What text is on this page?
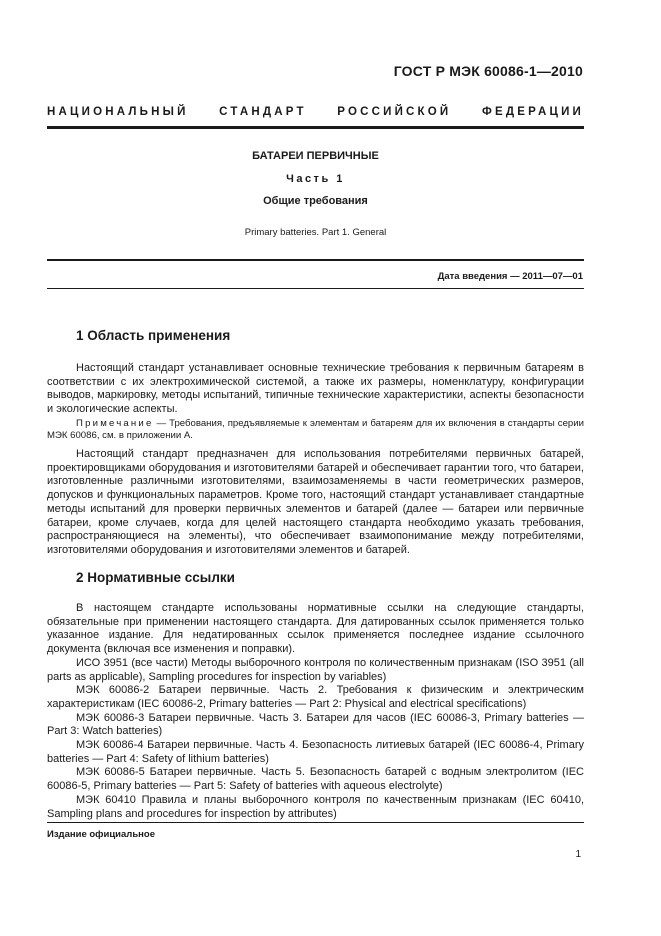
ГОСТ Р МЭК 60086-1—2010
НАЦИОНАЛЬНЫЙ	СТАНДАРТ	РОССИЙСКОЙ	ФЕДЕРАЦИИ
БАТАРЕИ ПЕРВИЧНЫЕ
Часть 1
Общие требования
Primary batteries. Part 1. General
Дата введения — 2011—07—01
1 Область применения

Настоящий стандарт устанавливает основные технические требования к первичным батареям в соответствии с их электрохимической системой, а также их размеры, номенклатуру, конфигурации выводов, маркировку, методы испытаний, типичные технические характеристики, аспекты безопасности и экологические аспекты.

Примечание — Требования, предъявляемые к элементам и батареям для их включения в стандарты серии МЭК 60086, см. в приложении А.

Настоящий стандарт предназначен для использования потребителями первичных батарей, проектировщиками оборудования и изготовителями батарей и обеспечивает гарантии того, что батареи, изготовленные различными изготовителями, взаимозаменяемы в части геометрических размеров, допусков и функциональных параметров. Кроме того, настоящий стандарт устанавливает стандартные методы испытаний для проверки первичных элементов и батарей (далее — батареи или первичные батареи, кроме случаев, когда для целей настоящего стандарта необходимо указать требования, распространяющиеся на элементы), что обеспечивает взаимопонимание между потребителями, изготовителями оборудования и изготовителями элементов и батарей.

2 Нормативные ссылки

В настоящем стандарте использованы нормативные ссылки на следующие стандарты, обязательные при применении настоящего стандарта. Для датированных ссылок применяется только указанное издание. Для недатированных ссылок применяется последнее издание ссылочного документа (включая все изменения и поправки).

ИСО 3951 (все части) Методы выборочного контроля по количественным признакам (ISO 3951 (all parts as applicable), Sampling procedures for inspection by variables)

МЭК 60086-2 Батареи первичные. Часть 2. Требования к физическим и электрическим характеристикам (IEC 60086-2, Primary batteries — Part 2: Physical and electrical specifications)

МЭК 60086-3 Батареи первичные. Часть 3. Батареи для часов (IEC 60086-3, Primary batteries — Part 3: Watch batteries)

МЭК 60086-4 Батареи первичные. Часть 4. Безопасность литиевых батарей (IEC 60086-4, Primary batteries — Part 4: Safety of lithium batteries)

МЭК 60086-5 Батареи первичные. Часть 5. Безопасность батарей с водным электролитом (IEC 60086-5, Primary batteries — Part 5: Safety of batteries with aqueous electrolyte)

МЭК 60410 Правила и планы выборочного контроля по качественным признакам (IEC 60410, Sampling plans and procedures for inspection by attributes)

Издание официальное
1
